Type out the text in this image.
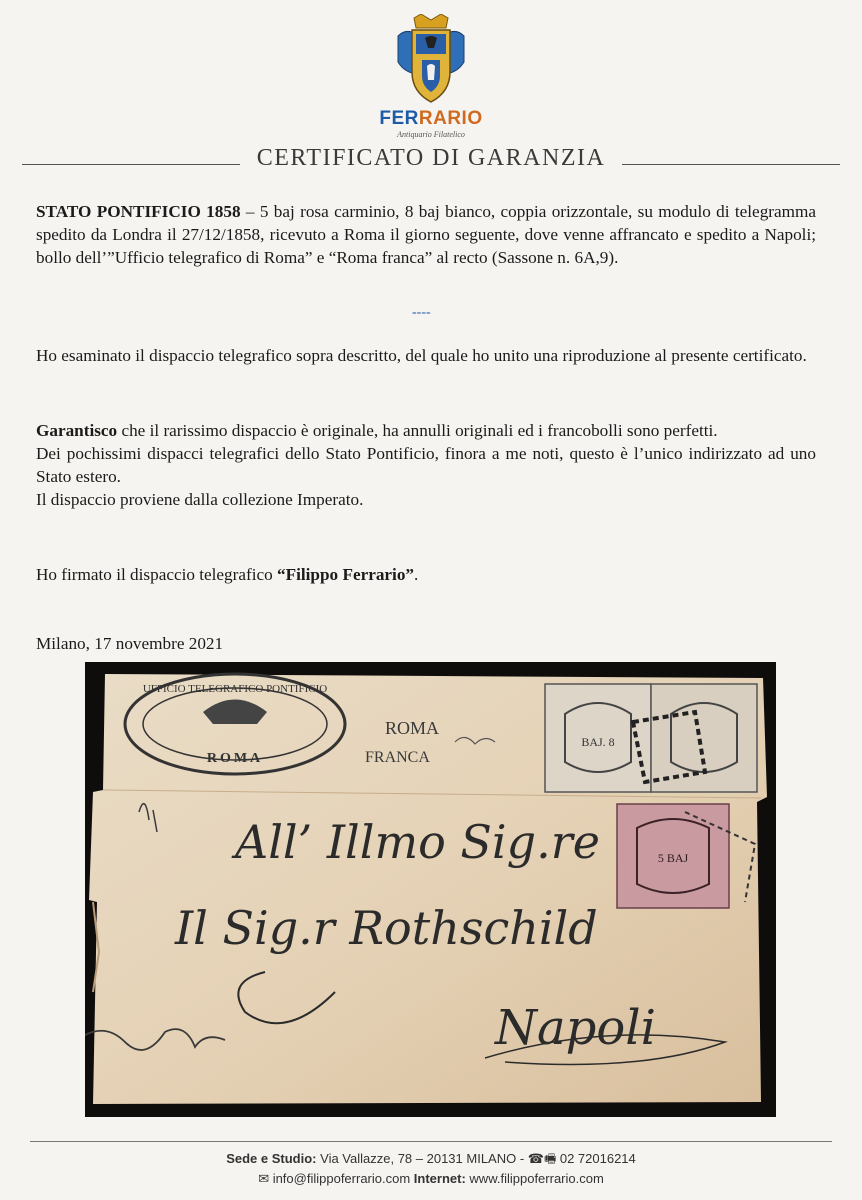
FERRARIO
Antiquario Filatelico
CERTIFICATO DI GARANZIA
STATO PONTIFICIO 1858 – 5 baj rosa carminio, 8 baj bianco, coppia orizzontale, su modulo di telegramma spedito da Londra il 27/12/1858, ricevuto a Roma il giorno seguente, dove venne affrancato e spedito a Napoli; bollo dell’”Ufficio telegrafico di Roma” e “Roma franca” al recto (Sassone n. 6A,9).
----
Ho esaminato il dispaccio telegrafico sopra descritto, del quale ho unito una riproduzione al presente certificato.
Garantisco che il rarissimo dispaccio è originale, ha annulli originali ed i francobolli sono perfetti.
Dei pochissimi dispacci telegrafici dello Stato Pontificio, finora a me noti, questo è l’unico indirizzato ad uno Stato estero.
Il dispaccio proviene dalla collezione Imperato.
Ho firmato il dispaccio telegrafico “Filippo Ferrario”.
Milano, 17 novembre 2021
UFFICIO TELEGRAFICO PONTIFICIO
ROMA
ROMA
FRANCA
BAJ. 8
5 BAJ
All’ Illmo Sig.re
Il Sig.r Rothschild
Napoli
Sede e Studio: Via Vallazze, 78 – 20131 MILANO - ☎🖷 02 72016214
✉ info@filippoferrario.com Internet: www.filippoferrario.com
